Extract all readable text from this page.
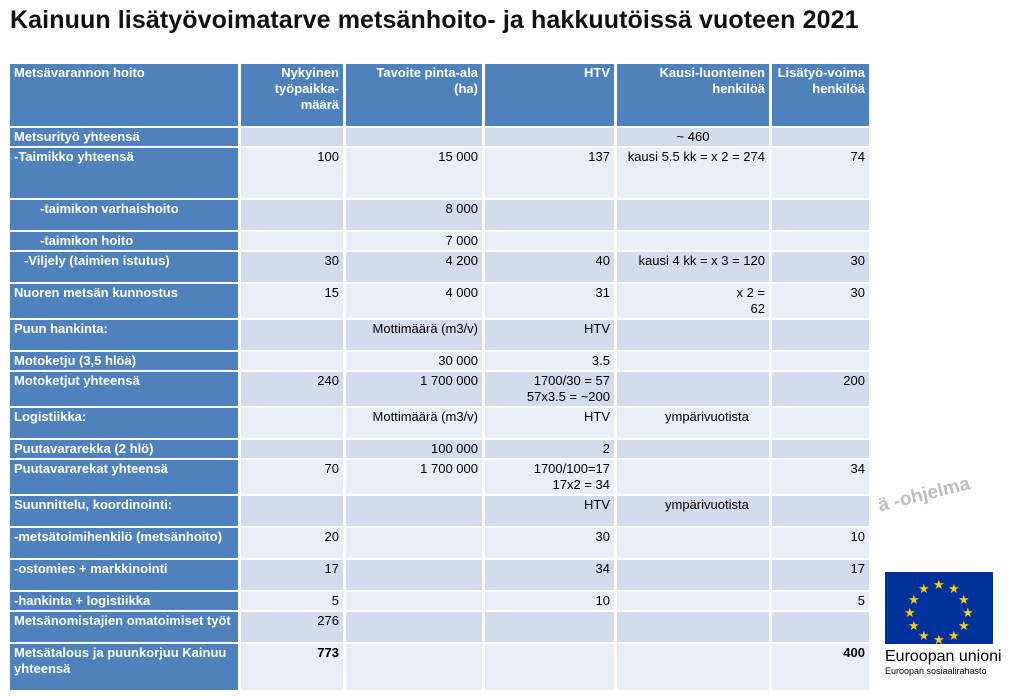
Kainuun lisätyövoimatarve metsänhoito- ja hakkuutöissä vuoteen 2021
Metsävarannon hoito	Nykyinen työpaikka-määrä	Tavoite pinta-ala (ha)	HTV	Kausi-luonteinen henkilöä	Lisätyö-voima henkilöä
Metsurityö yhteensä				~ 460	
-Taimikko yhteensä	100	15 000	137	kausi 5.5 kk = x 2 = 274	74
-taimikon varhaishoito		8 000			
-taimikon hoito		7 000			
-Viljely (taimien istutus)	30	4 200	40	kausi 4 kk = x 3 = 120	30
Nuoren metsän kunnostus	15	4 000	31	x 2 = 62	30
Puun hankinta:		Mottimäärä (m3/v)	HTV		
Motoketju (3,5 hlöä)		30 000	3.5		
Motoketjut yhteensä	240	1 700 000	1700/30 = 57 57x3.5 = ~200		200
Logistiikka:		Mottimäärä (m3/v)	HTV	ympärivuotista	
Puutavararekka (2 hlö)		100 000	2		
Puutavararekat yhteensä	70	1 700 000	1700/100=17 17x2 = 34		34
Suunnittelu, koordinointi:			HTV	ympärivuotista	
-metsätoimihenkilö (metsänhoito)	20		30		10
-ostomies + markkinointi	17		34		17
-hankinta + logistiikka	5		10		5
Metsänomistajien omatoimiset työt	276				
Metsätalous ja puunkorjuu Kainuu yhteensä	773				400
ä -ohjelma
★ ★
★
★
★
★
★
★
★
★
★
★
Euroopan unioni
Euroopan sosiaalirahasto
